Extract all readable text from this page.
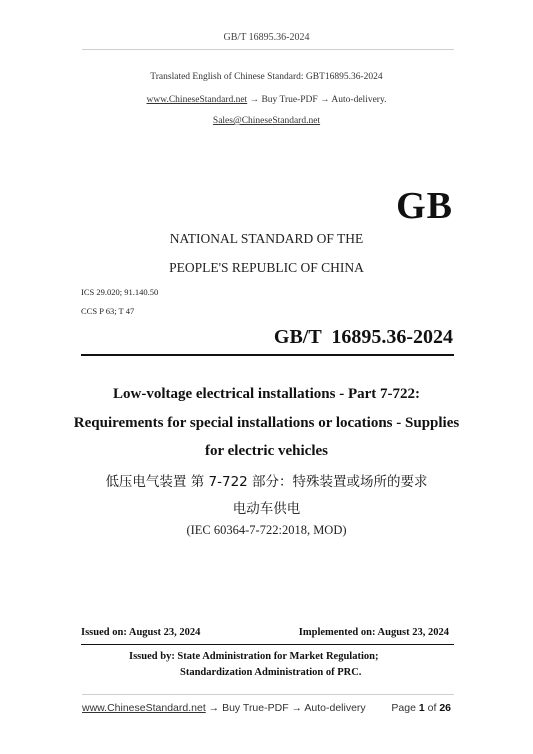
GB/T 16895.36-2024
Translated English of Chinese Standard: GBT16895.36-2024
www.ChineseStandard.net → Buy True-PDF → Auto-delivery.
Sales@ChineseStandard.net
GB
NATIONAL STANDARD OF THE
PEOPLE'S REPUBLIC OF CHINA
ICS 29.020; 91.140.50
CCS P 63; T 47
GB/T  16895.36-2024
Low-voltage electrical installations - Part 7-722:
Requirements for special installations or locations - Supplies
for electric vehicles
低压电气装置 第 7-722 部分：特殊装置或场所的要求
电动车供电
(IEC 60364-7-722:2018, MOD)
Issued on: August 23, 2024	Implemented on: August 23, 2024
Issued by: State Administration for Market Regulation;
Standardization Administration of PRC.
www.ChineseStandard.net → Buy True-PDF → Auto-delivery Page 1 of 26
